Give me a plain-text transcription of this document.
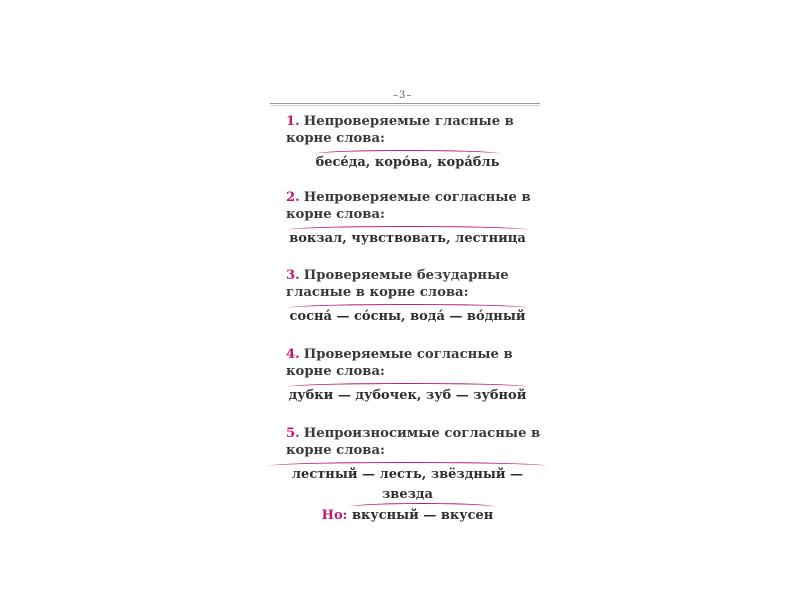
–3–

1. Непроверяемые гласные в корне слова:

бесе́да, коро́ва, кора́бль

2. Непроверяемые согласные в корне слова:

вокзал, чувствовать, лестница

3. Проверяемые безударные гласные в корне слова:

сосна́ — со́сны, вода́ — во́дный

4. Проверяемые согласные в корне слова:

дубки — дубочек, зуб — зубной

5. Непроизносимые согласные в корне слова:

лестный — лесть, звёздный — звезда
Но: вкусный — вкусен
